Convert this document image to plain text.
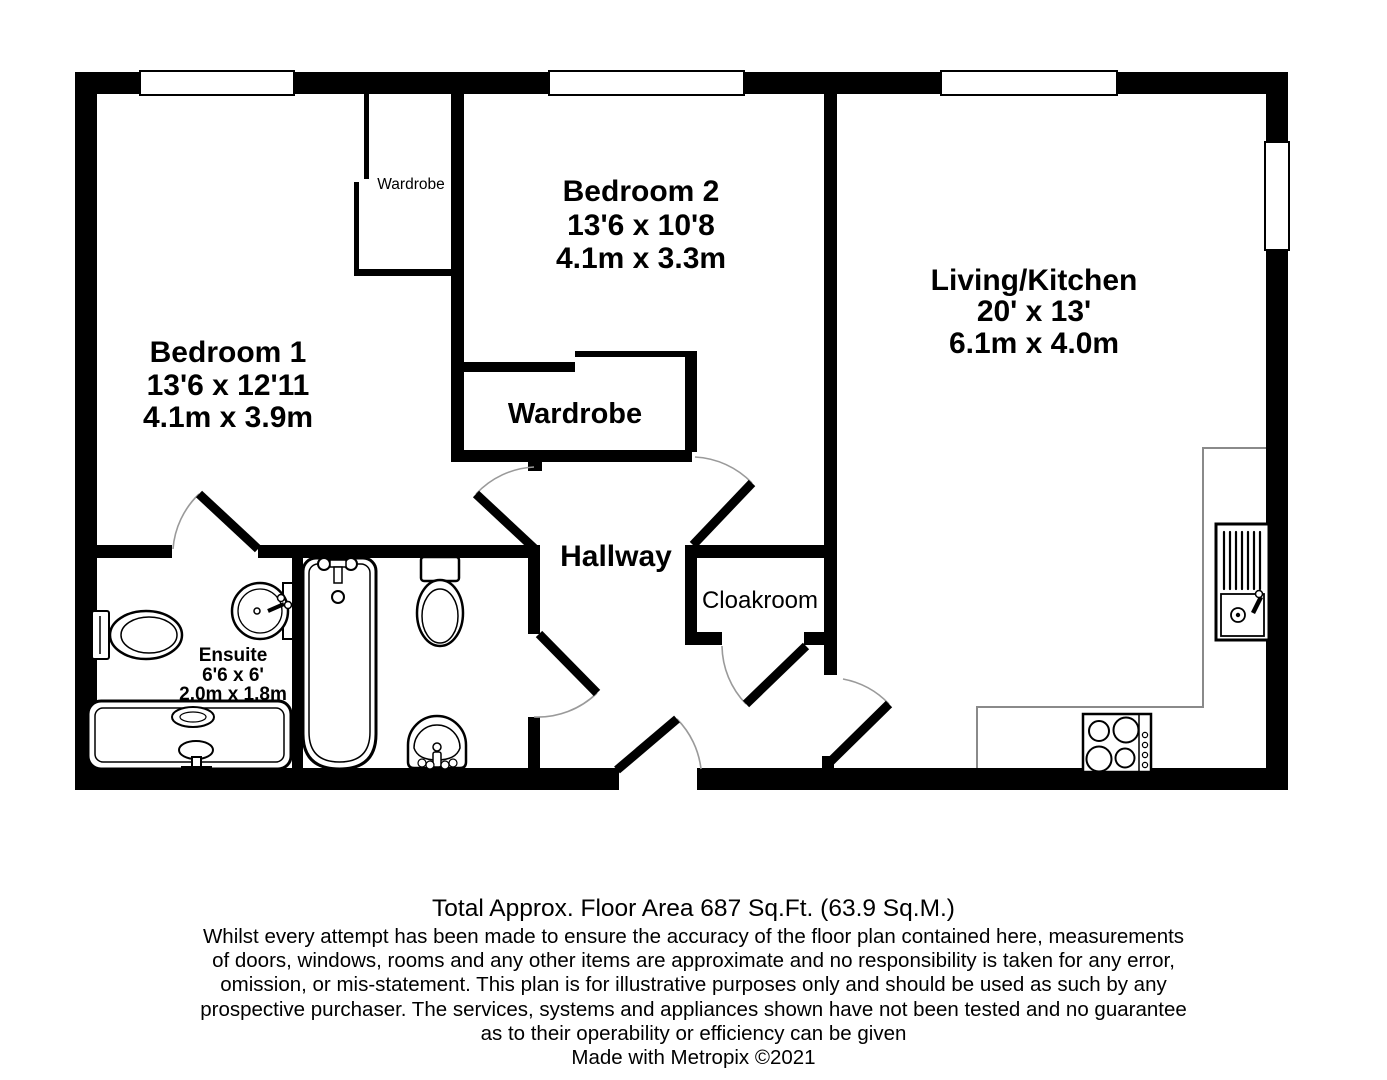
Bedroom 1
13'6 x 12'11
4.1m x 3.9m
Bedroom 2
13'6 x 10'8
4.1m x 3.3m
Living/Kitchen
20' x 13'
6.1m x 4.0m
Hallway
Cloakroom
Wardrobe
Wardrobe
Ensuite
6'6 x 6'
2.0m x 1.8m
Total Approx. Floor Area 687 Sq.Ft. (63.9 Sq.M.)
Whilst every attempt has been made to ensure the accuracy of the floor plan contained here, measurements
of doors, windows, rooms and any other items are approximate and no responsibility is taken for any error,
omission, or mis-statement. This plan is for illustrative purposes only and should be used as such by any
prospective purchaser. The services, systems and appliances shown have not been tested and no guarantee
as to their operability or efficiency can be given
Made with Metropix ©2021
